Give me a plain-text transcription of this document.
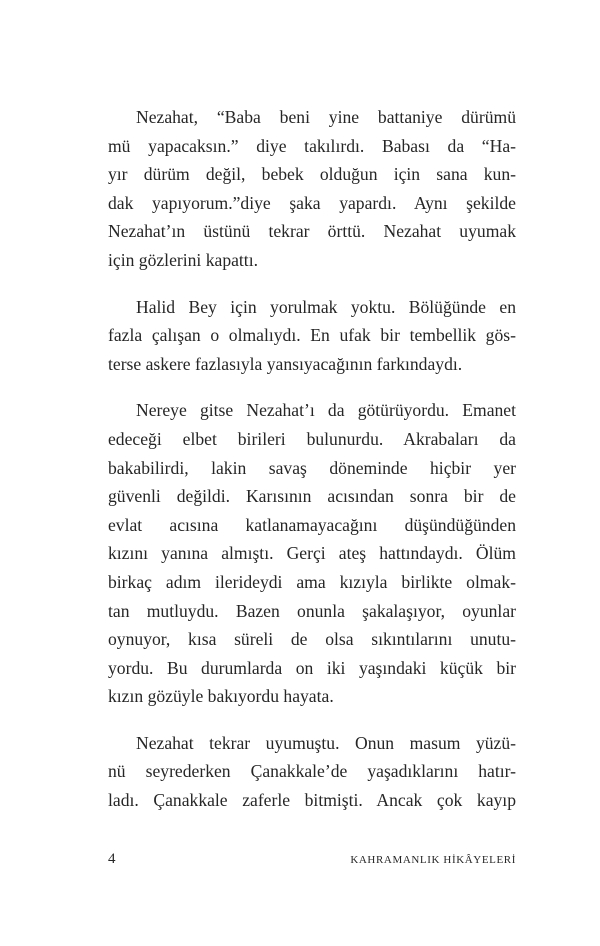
Nezahat, “Baba beni yine battaniye dürümü
mü yapacaksın.” diye takılırdı. Babası da “Ha-
yır dürüm değil, bebek olduğun için sana kun-
dak yapıyorum.”diye şaka yapardı. Aynı şekilde
Nezahat’ın üstünü tekrar örttü. Nezahat uyumak
için gözlerini kapattı.

Halid Bey için yorulmak yoktu. Bölüğünde en
fazla çalışan o olmalıydı. En ufak bir tembellik gös-
terse askere fazlasıyla yansıyacağının farkındaydı.

Nereye gitse Nezahat’ı da götürüyordu. Emanet
edeceği elbet birileri bulunurdu. Akrabaları da
bakabilirdi, lakin savaş döneminde hiçbir yer
güvenli değildi. Karısının acısından sonra bir de
evlat acısına katlanamayacağını düşündüğünden
kızını yanına almıştı. Gerçi ateş hattındaydı. Ölüm
birkaç adım ilerideydi ama kızıyla birlikte olmak-
tan mutluydu. Bazen onunla şakalaşıyor, oyunlar
oynuyor, kısa süreli de olsa sıkıntılarını unutu-
yordu. Bu durumlarda on iki yaşındaki küçük bir
kızın gözüyle bakıyordu hayata.

Nezahat tekrar uyumuştu. Onun masum yüzü-
nü seyrederken Çanakkale’de yaşadıklarını hatır-
ladı. Çanakkale zaferle bitmişti. Ancak çok kayıp

4	KAHRAMANLIK HİKÂYELERİ
